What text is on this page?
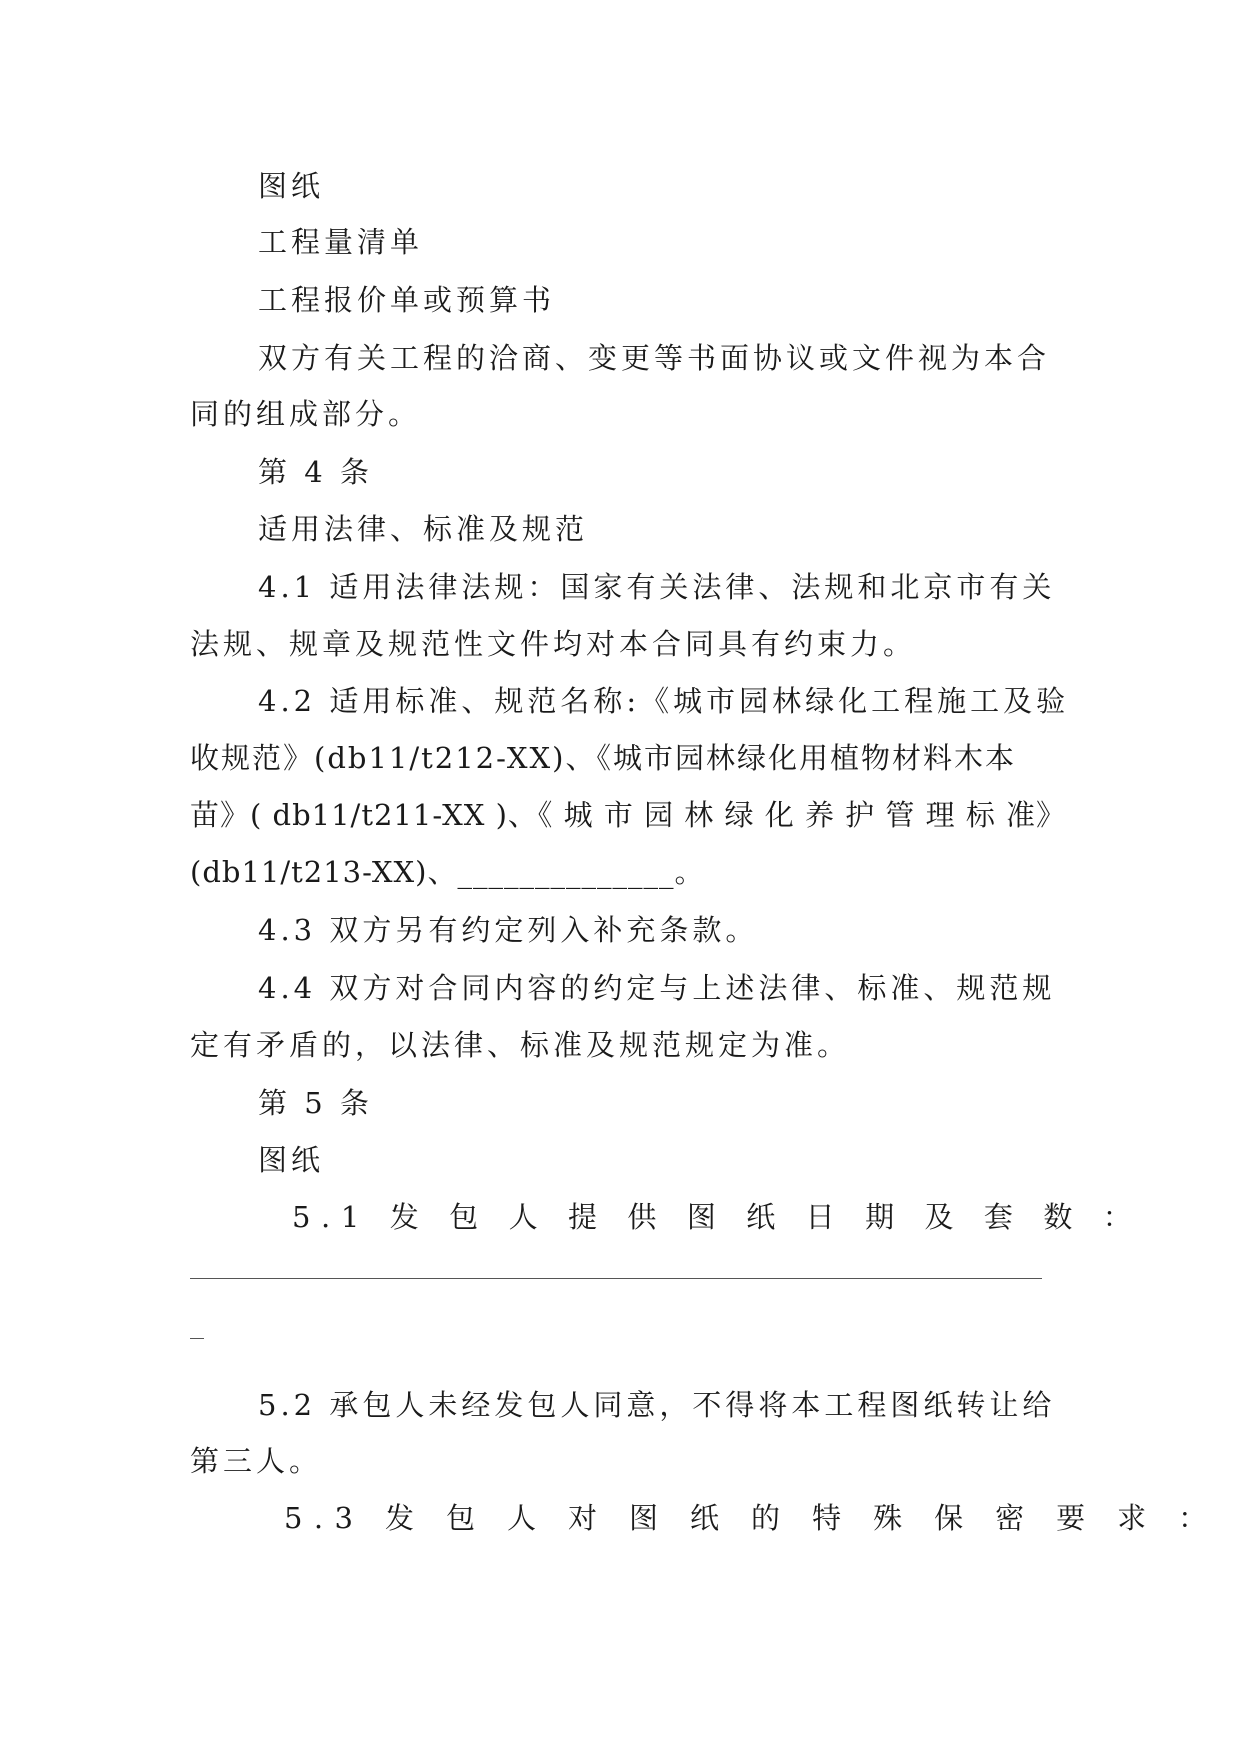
图纸
工程量清单
工程报价单或预算书
双方有关工程的洽商、变更等书面协议或文件视为本合
同的组成部分。
第 4 条
适用法律、标准及规范
4.1 适用法律法规：国家有关法律、法规和北京市有关
法规、规章及规范性文件均对本合同具有约束力。
4.2 适用标准、规范名称:《城市园林绿化工程施工及验
收规范》(db11/t212-XX)、《城市园林绿化用植物材料木本
苗》( db11/t211-XX )、《 城 市 园 林 绿 化 养 护 管 理 标 准》
(db11/t213-XX)、______________。
4.3 双方另有约定列入补充条款。
4.4 双方对合同内容的约定与上述法律、标准、规范规
定有矛盾的，以法律、标准及规范规定为准。
第 5 条
图纸
5.1 发 包 人 提 供 图 纸 日 期 及 套 数 ：
5.2 承包人未经发包人同意，不得将本工程图纸转让给
第三人。
5.3 发 包 人 对 图 纸 的 特 殊 保 密 要 求 ：
